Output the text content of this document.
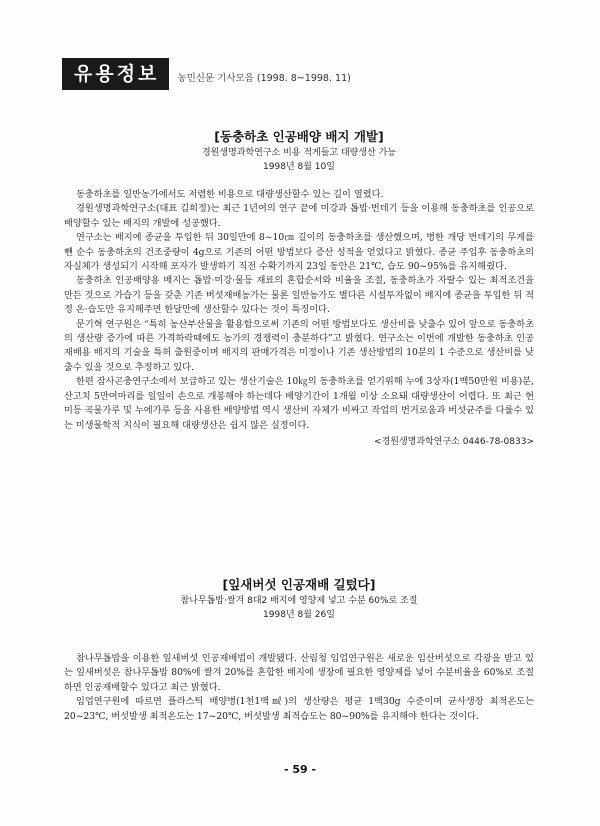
유용정보	농민신문 기사모음 (1998. 8~1998. 11)
[동충하초 인공배양 배지 개발]
경원생명과학연구소 비용 적게들고 대량생산 가능
1998년 8월 10일

동충하초를 일반농가에서도 저렴한 비용으로 대량생산할수 있는 길이 열렸다.

경원생명과학연구소(대표 김희정)는 최근 1년여의 연구 끝에 미강과 톱밥·번데기 등을 이용해 동충하초를 인공으로 배양할수 있는 배지의 개발에 성공했다.

연구소는 배지에 종균을 투입한 뒤 30일만에 8~10㎝ 길이의 동충하초를 생산했으며, 병한 개당 번데기의 무게를 뺀 순수 동충하초의 건조중량이 4g으로 기존의 어떤 방법보다 증산 성적을 얻었다고 밝혔다. 종균 주입후 동충하초의 자실체가 생성되기 시작해 포자가 발생하기 직전 수확기까지 23일 동안은 21℃, 습도 90~95%를 유지해줬다.

동충하초 인공배양용 배지는 톱밥·미강·물등 재료의 혼합순서와 비율을 조절, 동충하초가 자랄수 있는 최적조건을 만든 것으로 가습기 등을 갖춘 기존 버섯재배농가는 물론 일반농가도 별다른 시설투자없이 배지에 종균을 투입한 뒤 적정 온·습도만 유지해주면 한달만에 생산할수 있다는 것이 특징이다.

문기혁 연구원은 “특히 농산부산물을 활용함으로써 기존의 어떤 방법보다도 생산비를 낮출수 있어 앞으로 동충하초의 생산량 증가에 따른 가격하락때에도 농가의 경쟁력이 충분하다”고 밝혔다. 연구소는 이번에 개발한 동충하초 인공재배용 배지의 기술을 특허 출원중이며 배지의 판매가격은 미정이나 기존 생산방법의 10분의 1 수준으로 생산비를 낮출수 있을 것으로 추정하고 있다.

한편 잠사곤충연구소에서 보급하고 있는 생산기술은 10㎏의 동충하초를 얻기위해 누에 3상자(1백50만원 비용)분, 산고치 5만여마리를 일일이 손으로 개봉해야 하는데다 배양기간이 1개월 이상 소요돼 대량생산이 어렵다. 또 최근 현미등 곡물가루 및 누에가루 등을 사용한 배양방법 역시 생산비 자체가 비싸고 작업의 번거로움과 버섯균주를 다룰수 있는 미생물학적 지식이 필요해 대량생산은 쉽지 않은 실정이다.

<경원생명과학연구소 0446-78-0833>
[잎새버섯 인공재배 길텄다]
참나무톱밥·쌀겨 8대2 배지에 영양제 넣고 수분 60%로 조절
1998년 8월 26일

참나무톱밥을 이용한 잎새버섯 인공재배법이 개발됐다. 산림청 임업연구원은 새로운 임산버섯으로 각광을 받고 있는 잎새버섯은 참나무톱밥 80%에 쌀겨 20%를 혼합한 배지에 생장에 필요한 영양제를 넣어 수분비율을 60%로 조절하면 인공재배할수 있다고 최근 밝혔다.

임업연구원에 따르면 플라스틱 배양병(1천1백㎖)의 생산량은 평균 1백30g 수준이며 균사생장 최적온도는 20~23℃, 버섯발생 최적온도는 17~20℃, 버섯발생 최적습도는 80~90%를 유지해야 한다는 것이다.

- 59 -
